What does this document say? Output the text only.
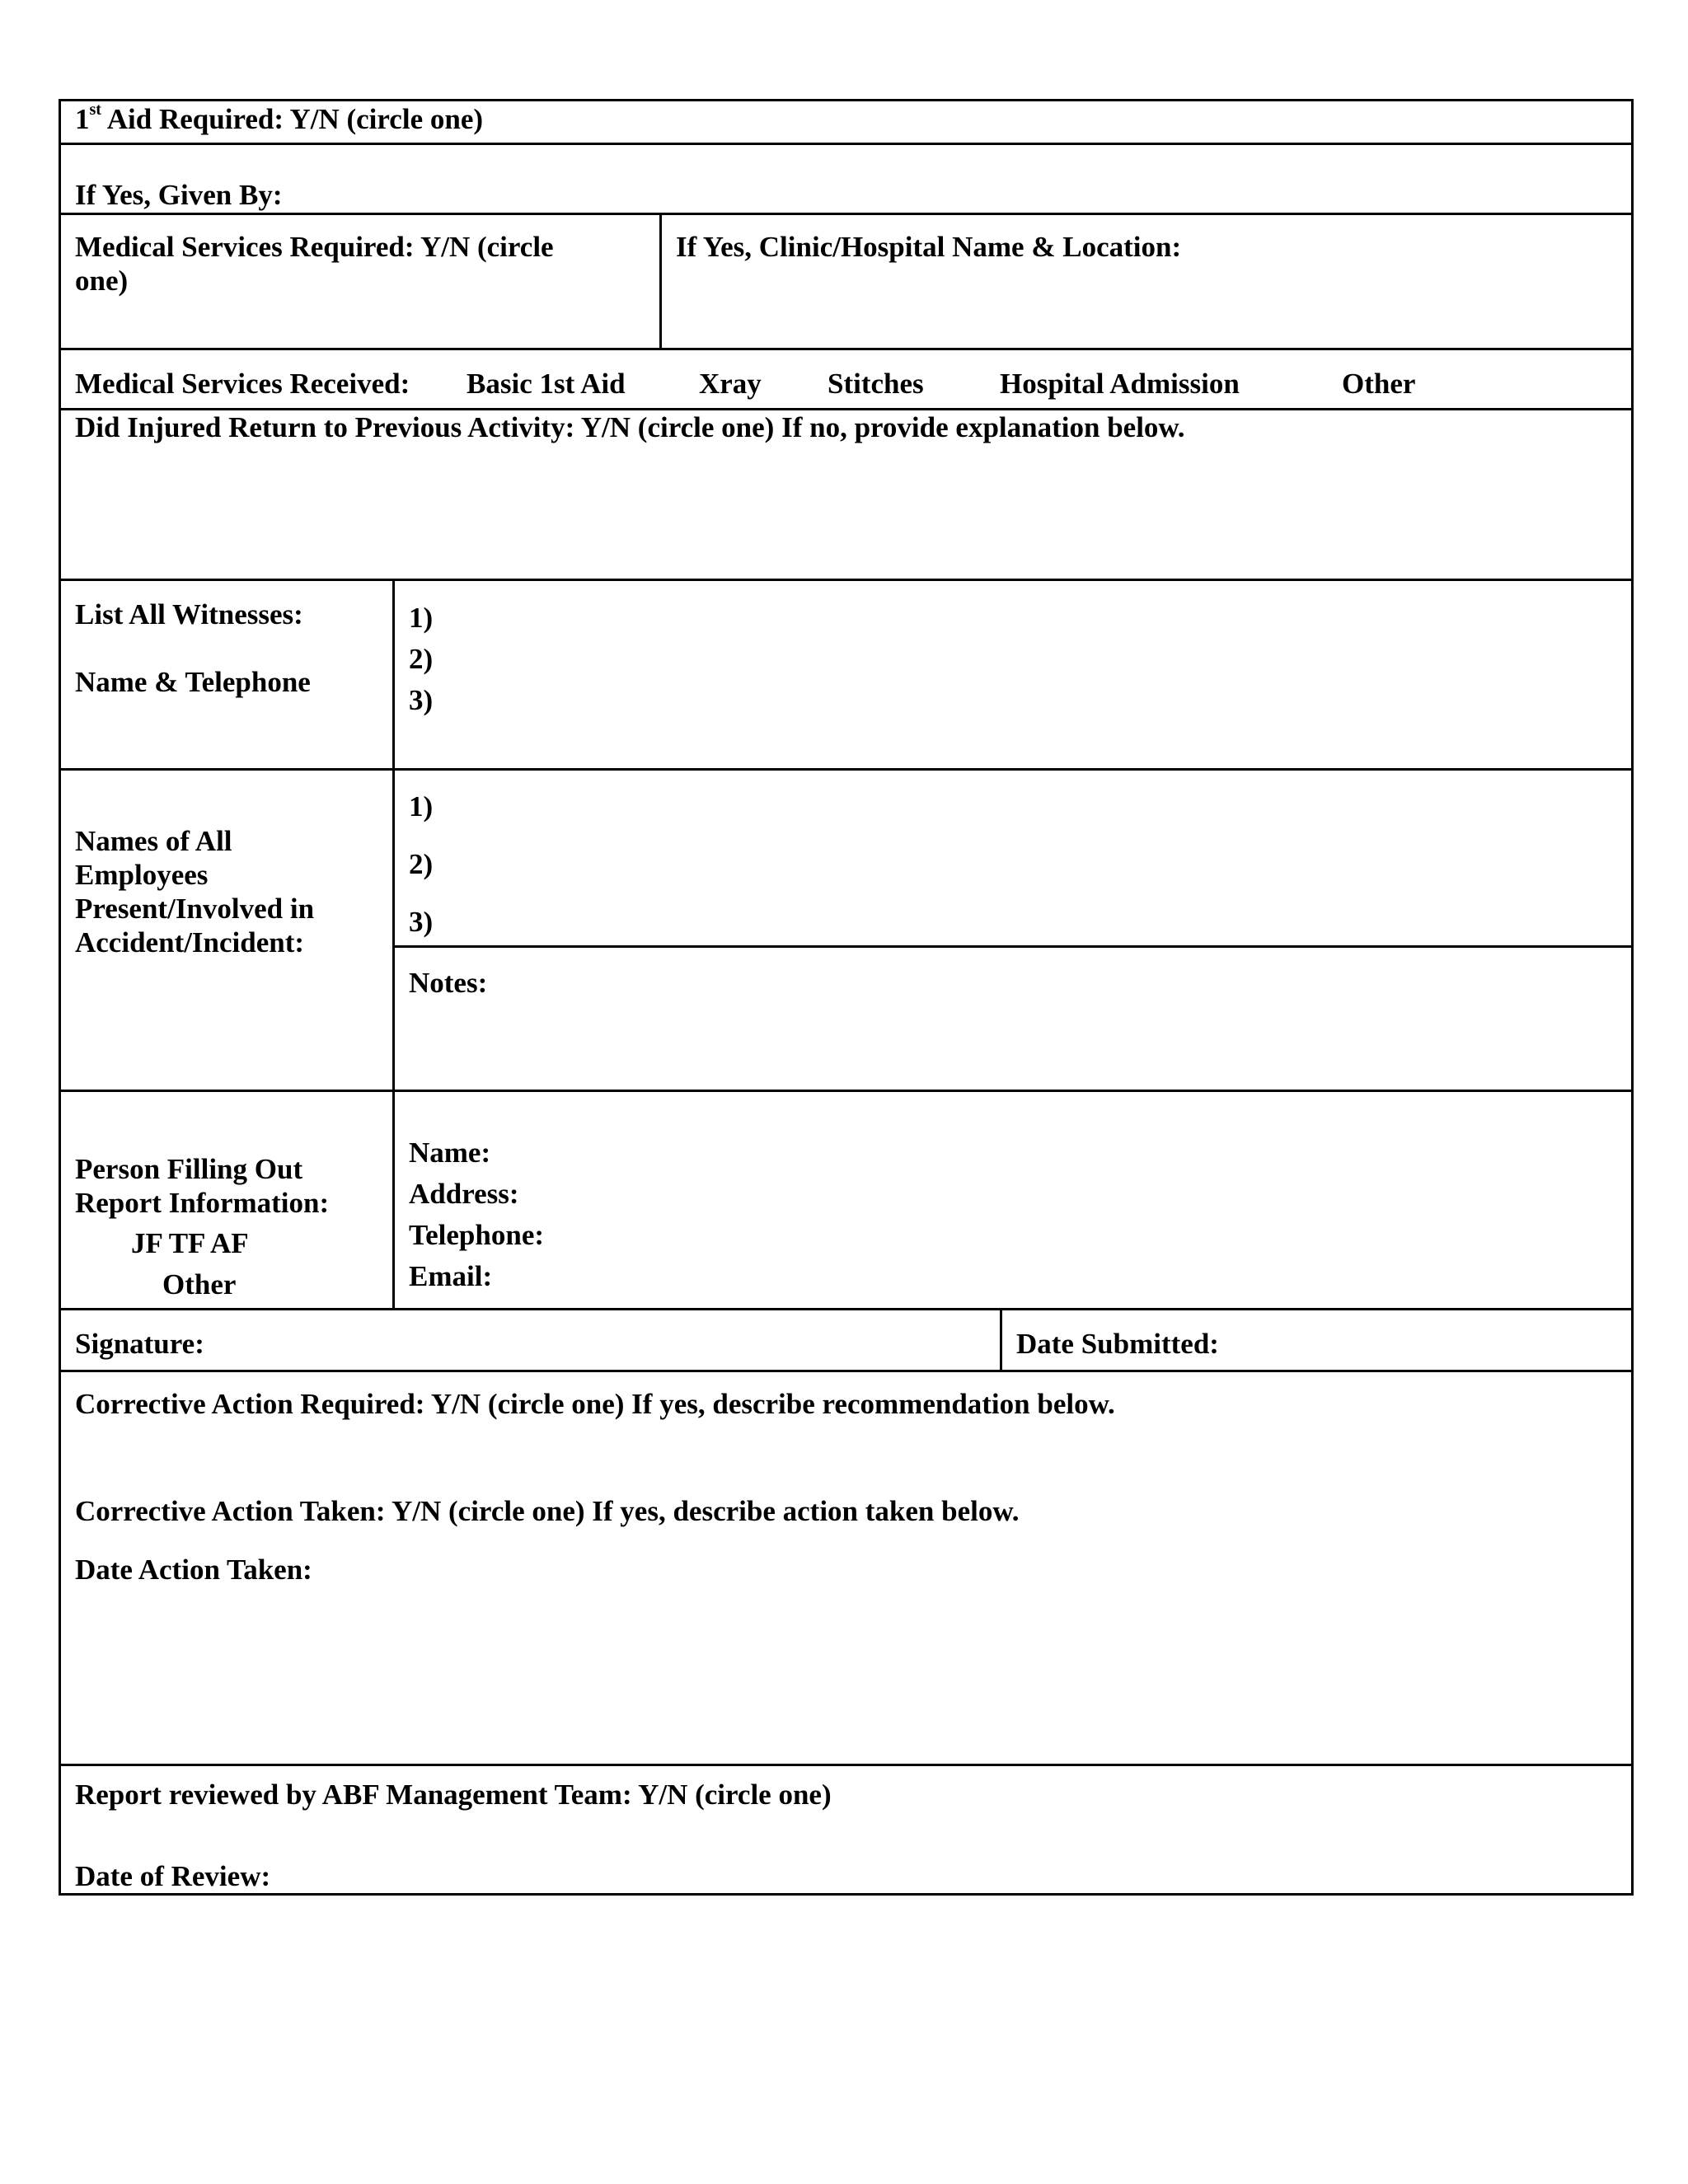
1st Aid Required: Y/N (circle one)
If Yes, Given By:
Medical Services Required: Y/N (circle
one)
If Yes, Clinic/Hospital Name & Location:
Medical Services Received: Basic 1st Aid	Xray Stitches	Hospital Admission	Other
Did Injured Return to Previous Activity: Y/N (circle one) If no, provide explanation below.
List All Witnesses:
Name & Telephone
1)
2)
3)
Names of All
Employees
Present/Involved in
Accident/Incident:
1)
2)
3)
Notes:
Person Filling Out
Report Information:
JF TF AF
Other
Name:
Address:
Telephone:
Email:
Signature:	Date Submitted:
Corrective Action Required: Y/N (circle one) If yes, describe recommendation below.
Corrective Action Taken: Y/N (circle one) If yes, describe action taken below.
Date Action Taken:
Report reviewed by ABF Management Team: Y/N (circle one)
Date of Review:
